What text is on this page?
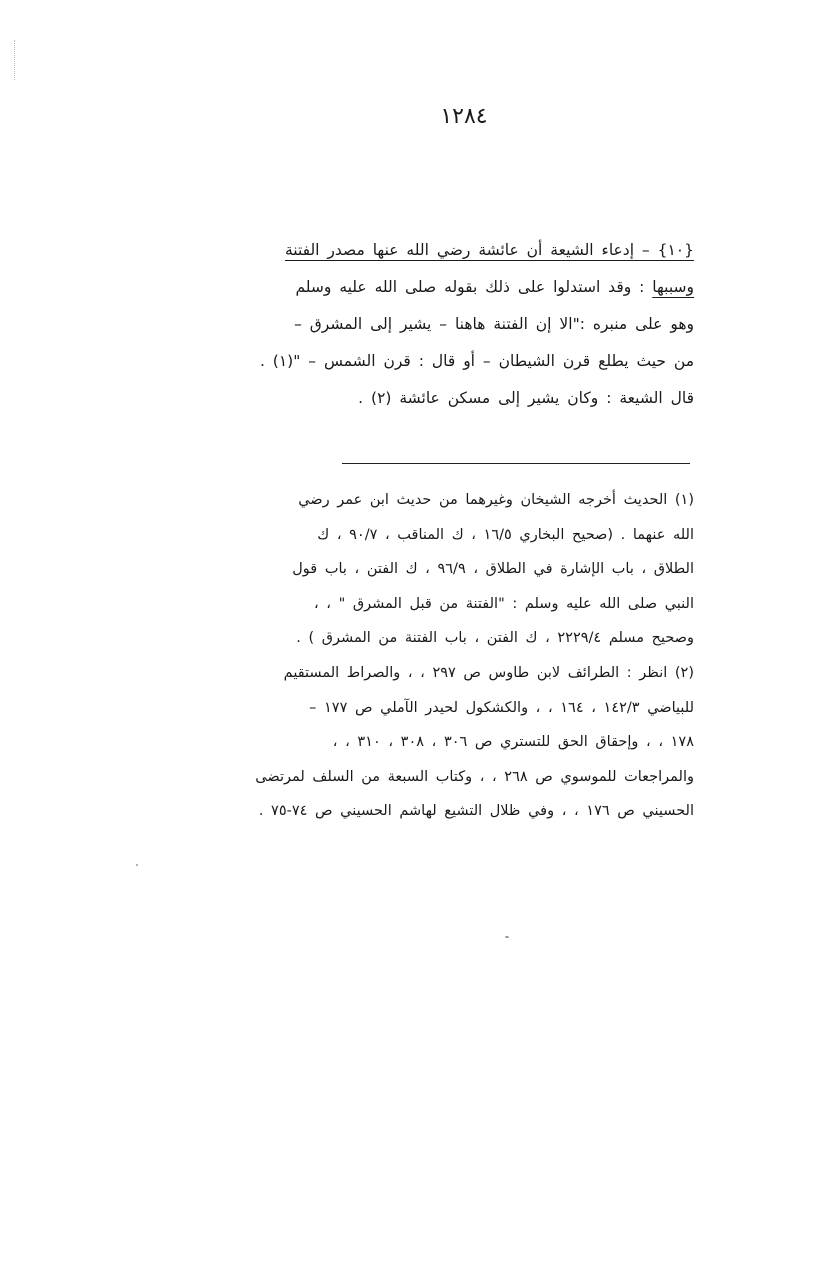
١٢٨٤
{١٠} – إدعاء الشيعة أن عائشة رضي الله عنها مصدر الفتنة
وسببها : وقد استدلوا على ذلك بقوله صلى الله عليه وسلم
وهو على منبره :"الا إن الفتنة هاهنا – يشير إلى المشرق –
من حيث يطلع قرن الشيطان – أو قال : قرن الشمس – "(١) .
قال الشيعة : وكان يشير إلى مسكن عائشة (٢) .
(١) الحديث أخرجه الشيخان وغيرهما من حديث ابن عمر رضي
الله عنهما . (صحيح البخاري ١٦/٥ ، ك المناقب ، ٩٠/٧ ، ك
الطلاق ، باب الإشارة في الطلاق ، ٩٦/٩ ، ك الفتن ، باب قول
النبي صلى الله عليه وسلم : "الفتنة من قبل المشرق " ، ،
وصحيح مسلم ٢٢٢٩/٤ ، ك الفتن ، باب الفتنة من المشرق ) .
(٢) انظر : الطرائف لابن طاوس ص ٢٩٧ ، ، والصراط المستقيم
للبياضي ١٤٢/٣ ، ١٦٤ ، ، والكشكول لحيدر الآملي ص ١٧٧ –
١٧٨ ، ، وإحقاق الحق للتستري ص ٣٠٦ ، ٣٠٨ ، ٣١٠ ، ،
والمراجعات للموسوي ص ٢٦٨ ، ، وكتاب السبعة من السلف لمرتضى
الحسيني ص ١٧٦ ، ، وفي ظلال التشيع لهاشم الحسيني ص ٧٤-٧٥ .
